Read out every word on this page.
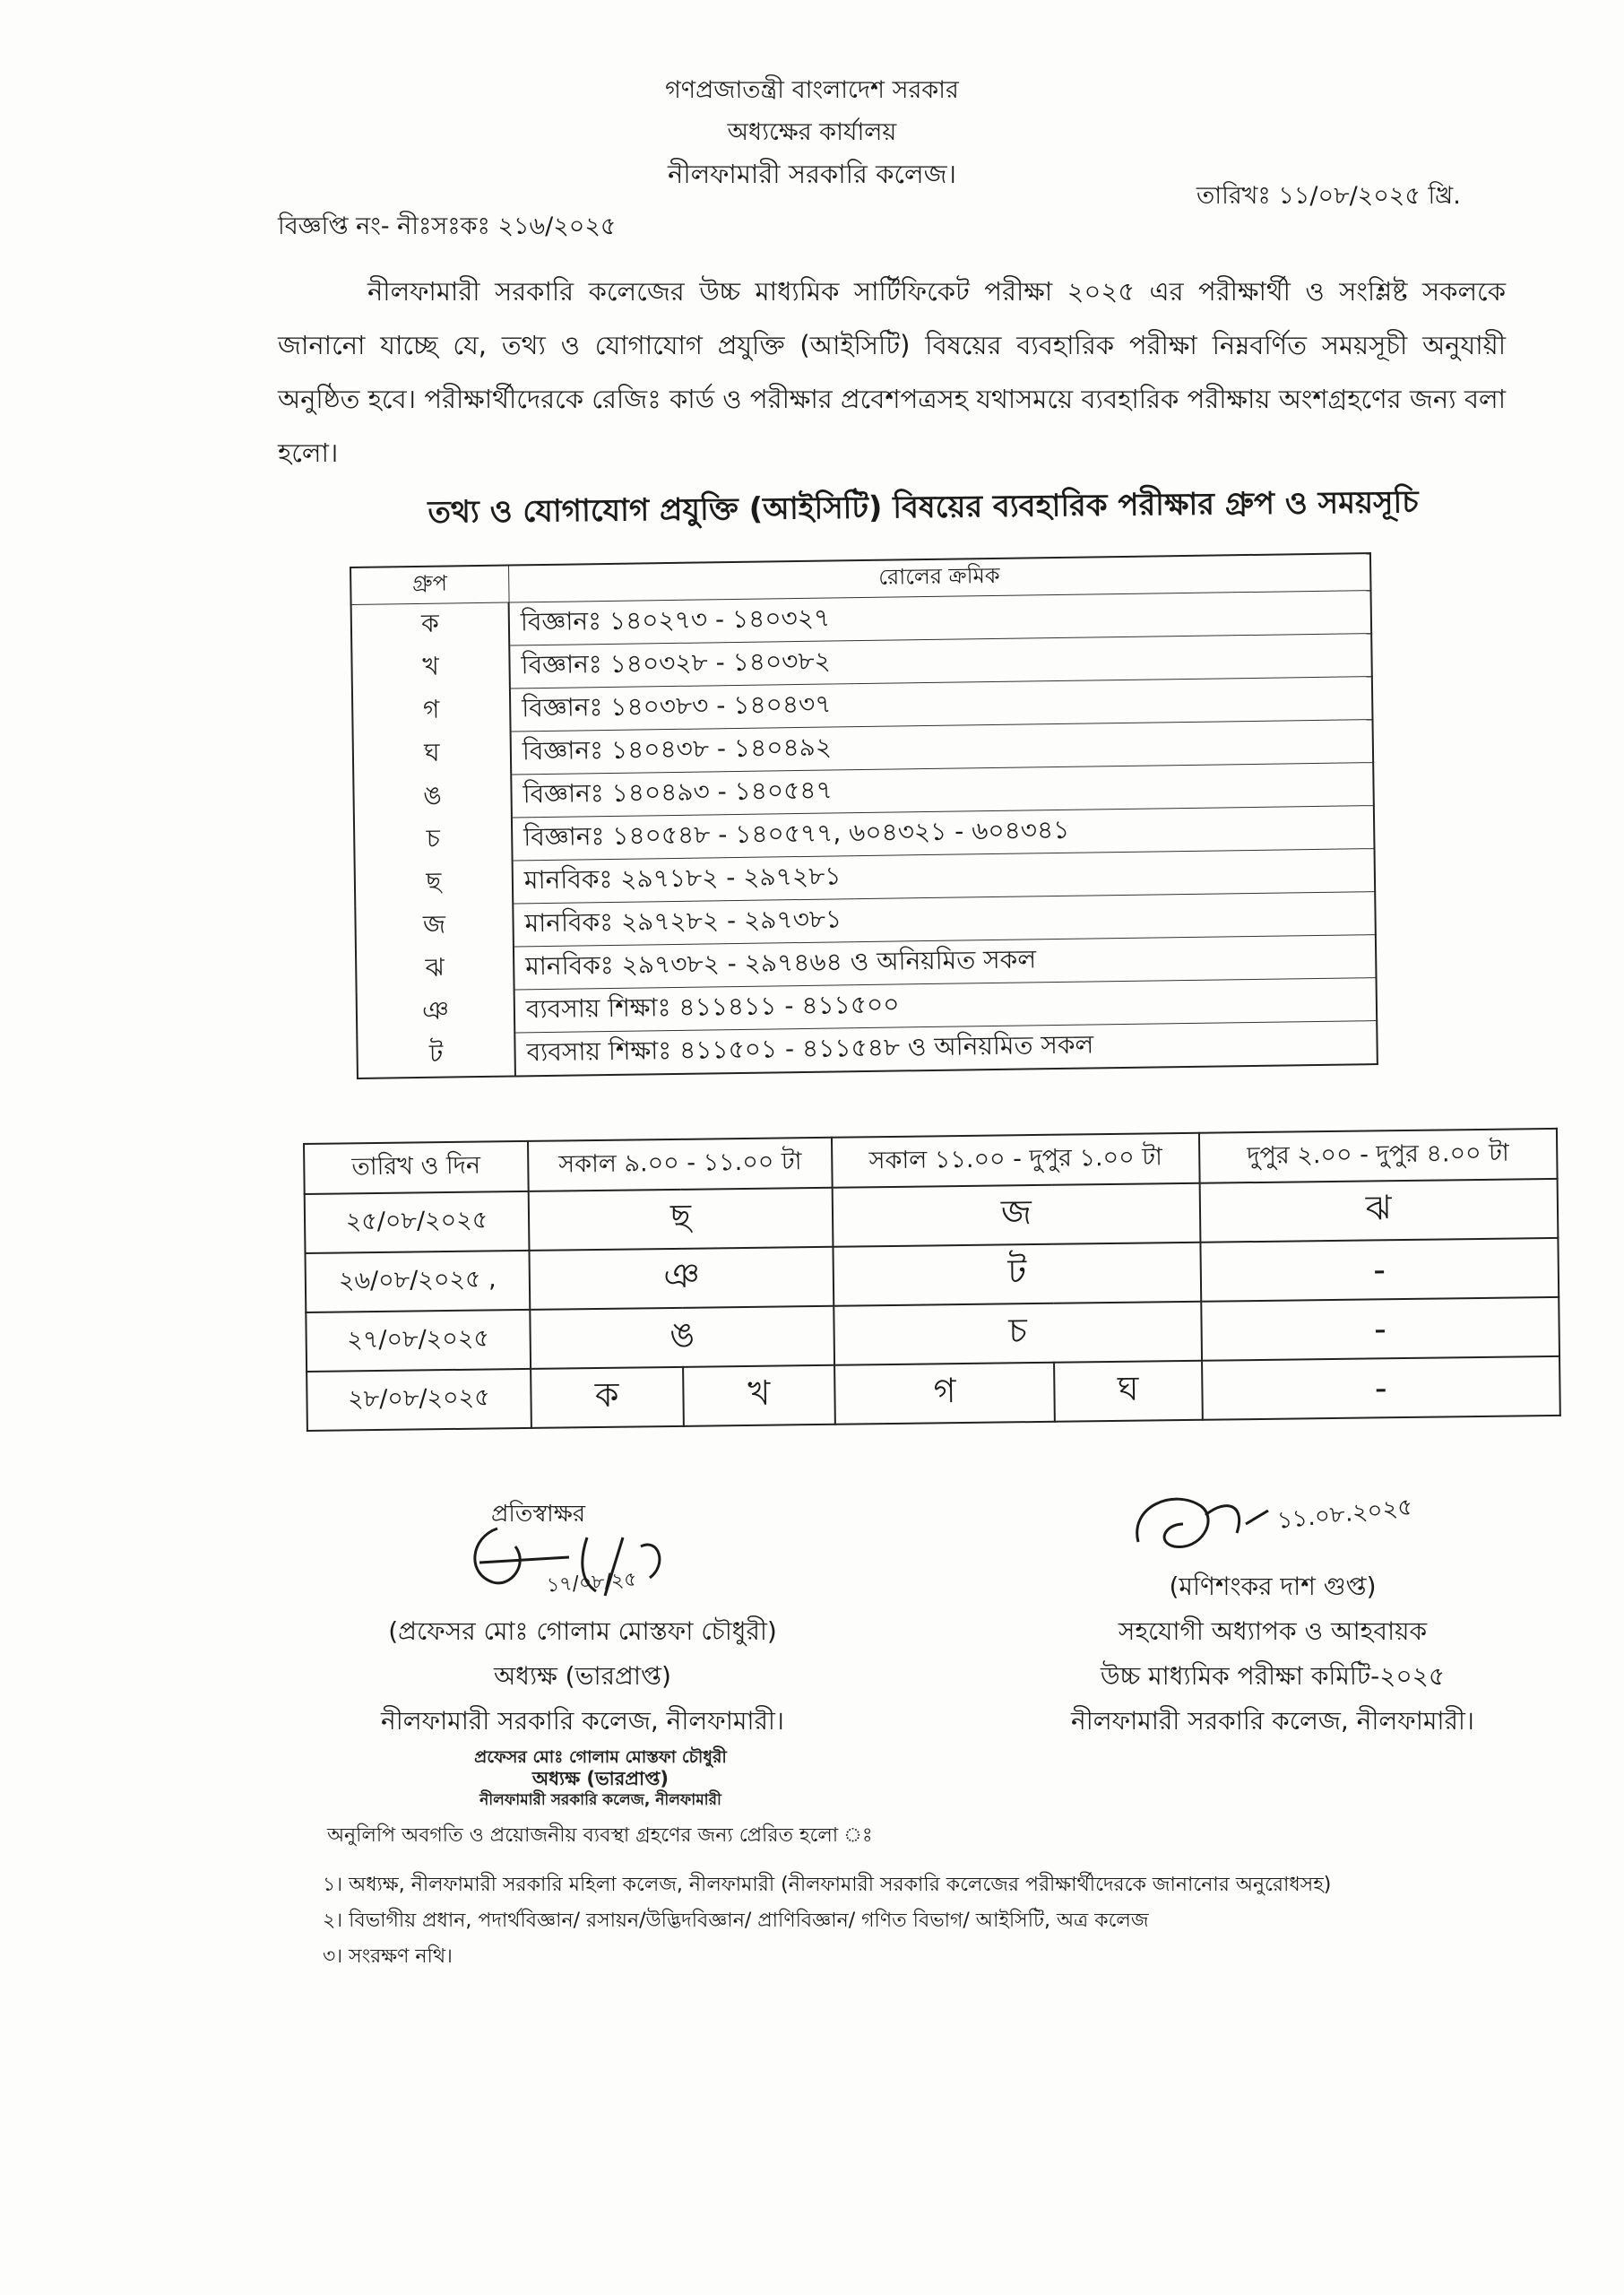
গণপ্রজাতন্ত্রী বাংলাদেশ সরকার
অধ্যক্ষের কার্যালয়
নীলফামারী সরকারি কলেজ।
বিজ্ঞপ্তি নং- নীঃসঃকঃ ২১৬/২০২৫
তারিখঃ ১১/০৮/২০২৫ খ্রি.

নীলফামারী সরকারি কলেজের উচ্চ মাধ্যমিক সার্টিফিকেট পরীক্ষা ২০২৫ এর পরীক্ষার্থী ও সংশ্লিষ্ট সকলকে জানানো যাচ্ছে যে, তথ্য ও যোগাযোগ প্রযুক্তি (আইসিটি) বিষয়ের ব্যবহারিক পরীক্ষা নিম্নবর্ণিত সময়সূচী অনুযায়ী অনুষ্ঠিত হবে। পরীক্ষার্থীদেরকে রেজিঃ কার্ড ও পরীক্ষার প্রবেশপত্রসহ যথাসময়ে ব্যবহারিক পরীক্ষায় অংশগ্রহণের জন্য বলা হলো।

তথ্য ও যোগাযোগ প্রযুক্তি (আইসিটি) বিষয়ের ব্যবহারিক পরীক্ষার গ্রুপ ও সময়সূচি
গ্রুপ	রোলের ক্রমিক
ক	বিজ্ঞানঃ ১৪০২৭৩ - ১৪০৩২৭
খ	বিজ্ঞানঃ ১৪০৩২৮ - ১৪০৩৮২
গ	বিজ্ঞানঃ ১৪০৩৮৩ - ১৪০৪৩৭
ঘ	বিজ্ঞানঃ ১৪০৪৩৮ - ১৪০৪৯২
ঙ	বিজ্ঞানঃ ১৪০৪৯৩ - ১৪০৫৪৭
চ	বিজ্ঞানঃ ১৪০৫৪৮ - ১৪০৫৭৭, ৬০৪৩২১ - ৬০৪৩৪১
ছ	মানবিকঃ ২৯৭১৮২ - ২৯৭২৮১
জ	মানবিকঃ ২৯৭২৮২ - ২৯৭৩৮১
ঝ	মানবিকঃ ২৯৭৩৮২ - ২৯৭৪৬৪ ও অনিয়মিত সকল
ঞ	ব্যবসায় শিক্ষাঃ ৪১১৪১১ - ৪১১৫০০
ট	ব্যবসায় শিক্ষাঃ ৪১১৫০১ - ৪১১৫৪৮ ও অনিয়মিত সকল
তারিখ ও দিন	সকাল ৯.০০ - ১১.০০ টা		সকাল ১১.০০ - দুপুর ১.০০ টা		দুপুর ২.০০ - দুপুর ৪.০০ টা
২৫/০৮/২০২৫	ছ		জ		ঝ
২৬/০৮/২০২৫ ,	ঞ		ট		-
২৭/০৮/২০২৫	ঙ		চ		-
২৮/০৮/২০২৫	ক	খ	গ	ঘ	-
প্রতিস্বাক্ষর
১৭/০৮/২৫
(প্রফেসর মোঃ গোলাম মোস্তফা চৌধুরী)
অধ্যক্ষ (ভারপ্রাপ্ত)
নীলফামারী সরকারি কলেজ, নীলফামারী।
প্রফেসর মোঃ গোলাম মোস্তফা চৌধুরী
অধ্যক্ষ (ভারপ্রাপ্ত)
নীলফামারী সরকারি কলেজ, নীলফামারী
১১.০৮.২০২৫
(মণিশংকর দাশ গুপ্ত)
সহযোগী অধ্যাপক ও আহবায়ক
উচ্চ মাধ্যমিক পরীক্ষা কমিটি-২০২৫
নীলফামারী সরকারি কলেজ, নীলফামারী।
অনুলিপি অবগতি ও প্রয়োজনীয় ব্যবস্থা গ্রহণের জন্য প্রেরিত হলো ঃ
১। অধ্যক্ষ, নীলফামারী সরকারি মহিলা কলেজ, নীলফামারী (নীলফামারী সরকারি কলেজের পরীক্ষার্থীদেরকে জানানোর অনুরোধসহ)
২। বিভাগীয় প্রধান, পদার্থবিজ্ঞান/ রসায়ন/উদ্ভিদবিজ্ঞান/ প্রাণিবিজ্ঞান/ গণিত বিভাগ/ আইসিটি, অত্র কলেজ
৩। সংরক্ষণ নথি।
